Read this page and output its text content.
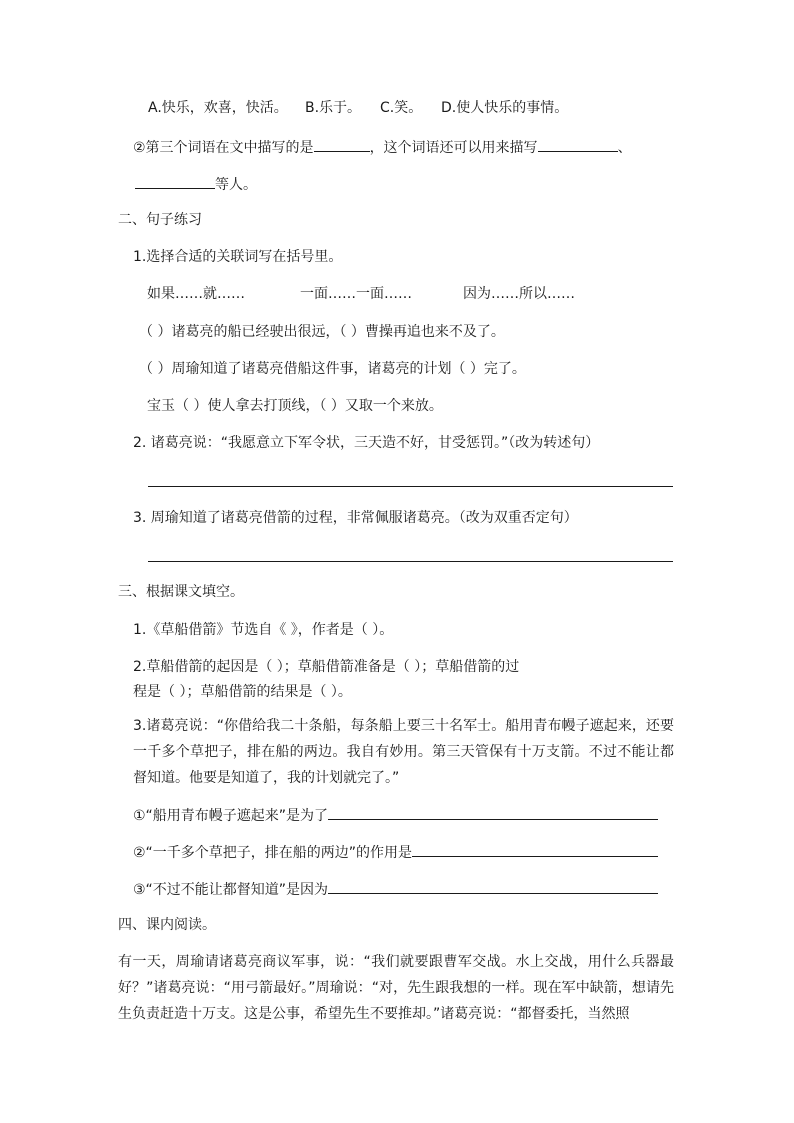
A.快乐，欢喜，快活。 B.乐于。 C.笑。 D.使人快乐的事情。
②第三个词语在文中描写的是	，这个词语还可以用来描写	、
等人。
二、句子练习
1.选择合适的关联词写在括号里。
如果……就……	一面……一面……	因为……所以……
（ ）诸葛亮的船已经驶出很远，（ ）曹操再追也来不及了。
（ ）周瑜知道了诸葛亮借船这件事，诸葛亮的计划（ ）完了。
宝玉（ ）使人拿去打顶线，（ ）又取一个来放。
2. 诸葛亮说：“我愿意立下军令状，三天造不好，甘受惩罚。”（改为转述句）
3. 周瑜知道了诸葛亮借箭的过程，非常佩服诸葛亮。（改为双重否定句）
三、根据课文填空。
1.《草船借箭》节选自《 》，作者是（ ）。
2.草船借箭的起因是（ ）；草船借箭准备是（ ）；草船借箭的过
程是（ ）；草船借箭的结果是（ ）。
3.诸葛亮说：“你借给我二十条船，每条船上要三十名军士。船用青布幔子遮起来，还要一千多个草把子，排在船的两边。我自有妙用。第三天管保有十万支箭。不过不能让都督知道。他要是知道了，我的计划就完了。”
①“船用青布幔子遮起来”是为了
②“一千多个草把子，排在船的两边”的作用是
③“不过不能让都督知道”是因为
四、课内阅读。
有一天，周瑜请诸葛亮商议军事，说：“我们就要跟曹军交战。水上交战，用什么兵器最好？”诸葛亮说：“用弓箭最好。”周瑜说：“对，先生跟我想的一样。现在军中缺箭，想请先生负责赶造十万支。这是公事，希望先生不要推却。”诸葛亮说：“都督委托，当然照
